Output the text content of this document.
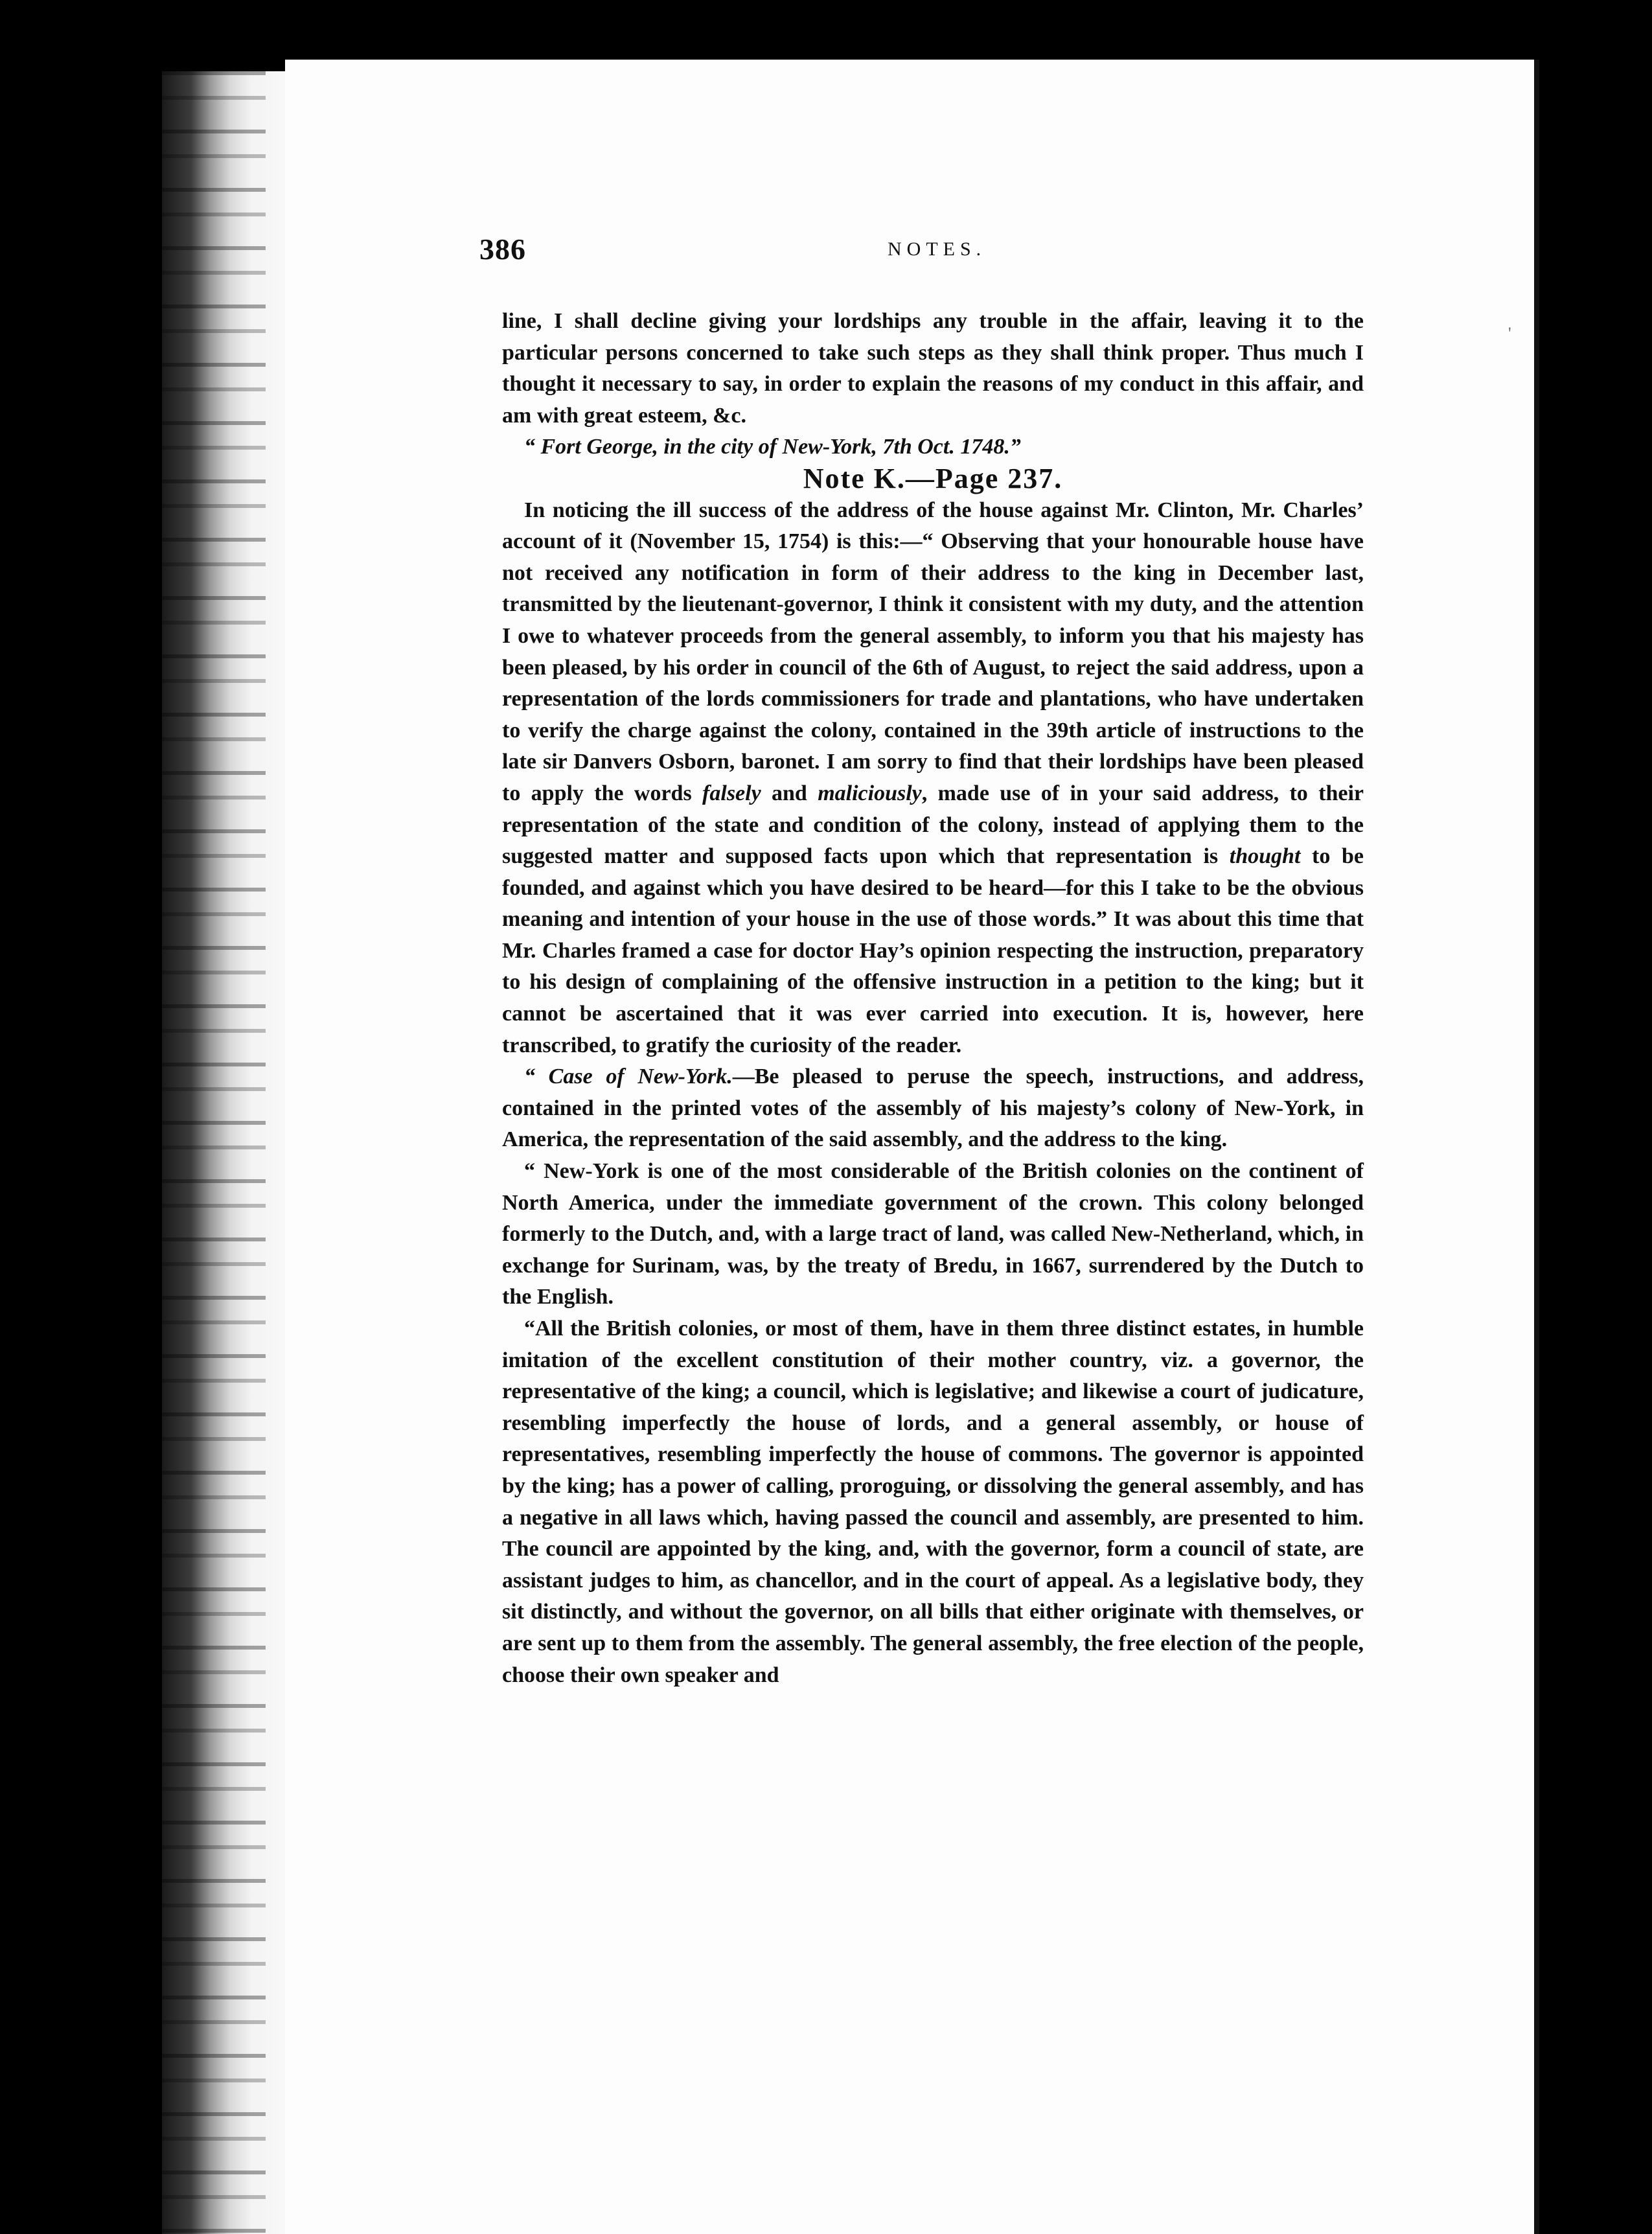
386	NOTES.
'

line, I shall decline giving your lordships any trouble in the affair, leaving it to the particular persons concerned to take such steps as they shall think proper. Thus much I thought it necessary to say, in order to explain the reasons of my conduct in this affair, and am with great esteem, &c.

“ Fort George, in the city of New-York, 7th Oct. 1748.”

Note K.—Page 237.

In noticing the ill success of the address of the house against Mr. Clinton, Mr. Charles’ account of it (November 15, 1754) is this:—“ Observing that your honourable house have not received any notification in form of their address to the king in December last, transmitted by the lieutenant-governor, I think it consistent with my duty, and the attention I owe to whatever proceeds from the general assembly, to inform you that his majesty has been pleased, by his order in council of the 6th of August, to reject the said address, upon a representation of the lords commissioners for trade and plantations, who have undertaken to verify the charge against the colony, contained in the 39th article of instructions to the late sir Danvers Osborn, baronet. I am sorry to find that their lordships have been pleased to apply the words falsely and maliciously, made use of in your said address, to their representation of the state and condition of the colony, instead of applying them to the suggested matter and supposed facts upon which that representation is thought to be founded, and against which you have desired to be heard—for this I take to be the obvious meaning and intention of your house in the use of those words.” It was about this time that Mr. Charles framed a case for doctor Hay’s opinion respecting the instruction, preparatory to his design of complaining of the offensive instruction in a petition to the king; but it cannot be ascertained that it was ever carried into execution. It is, however, here transcribed, to gratify the curiosity of the reader.

“ Case of New-York.—Be pleased to peruse the speech, instructions, and address, contained in the printed votes of the assembly of his majesty’s colony of New-York, in America, the representation of the said assembly, and the address to the king.

“ New-York is one of the most considerable of the British colonies on the continent of North America, under the immediate government of the crown. This colony belonged formerly to the Dutch, and, with a large tract of land, was called New-Netherland, which, in exchange for Surinam, was, by the treaty of Bredu, in 1667, surrendered by the Dutch to the English.

“All the British colonies, or most of them, have in them three distinct estates, in humble imitation of the excellent constitution of their mother country, viz. a governor, the representative of the king; a council, which is legislative; and likewise a court of judicature, resembling imperfectly the house of lords, and a general assembly, or house of representatives, resembling imperfectly the house of commons. The governor is appointed by the king; has a power of calling, proroguing, or dissolving the general assembly, and has a negative in all laws which, having passed the council and assembly, are presented to him. The council are appointed by the king, and, with the governor, form a council of state, are assistant judges to him, as chancellor, and in the court of appeal. As a legislative body, they sit distinctly, and without the governor, on all bills that either originate with themselves, or are sent up to them from the assembly. The general assembly, the free election of the people, choose their own speaker and
